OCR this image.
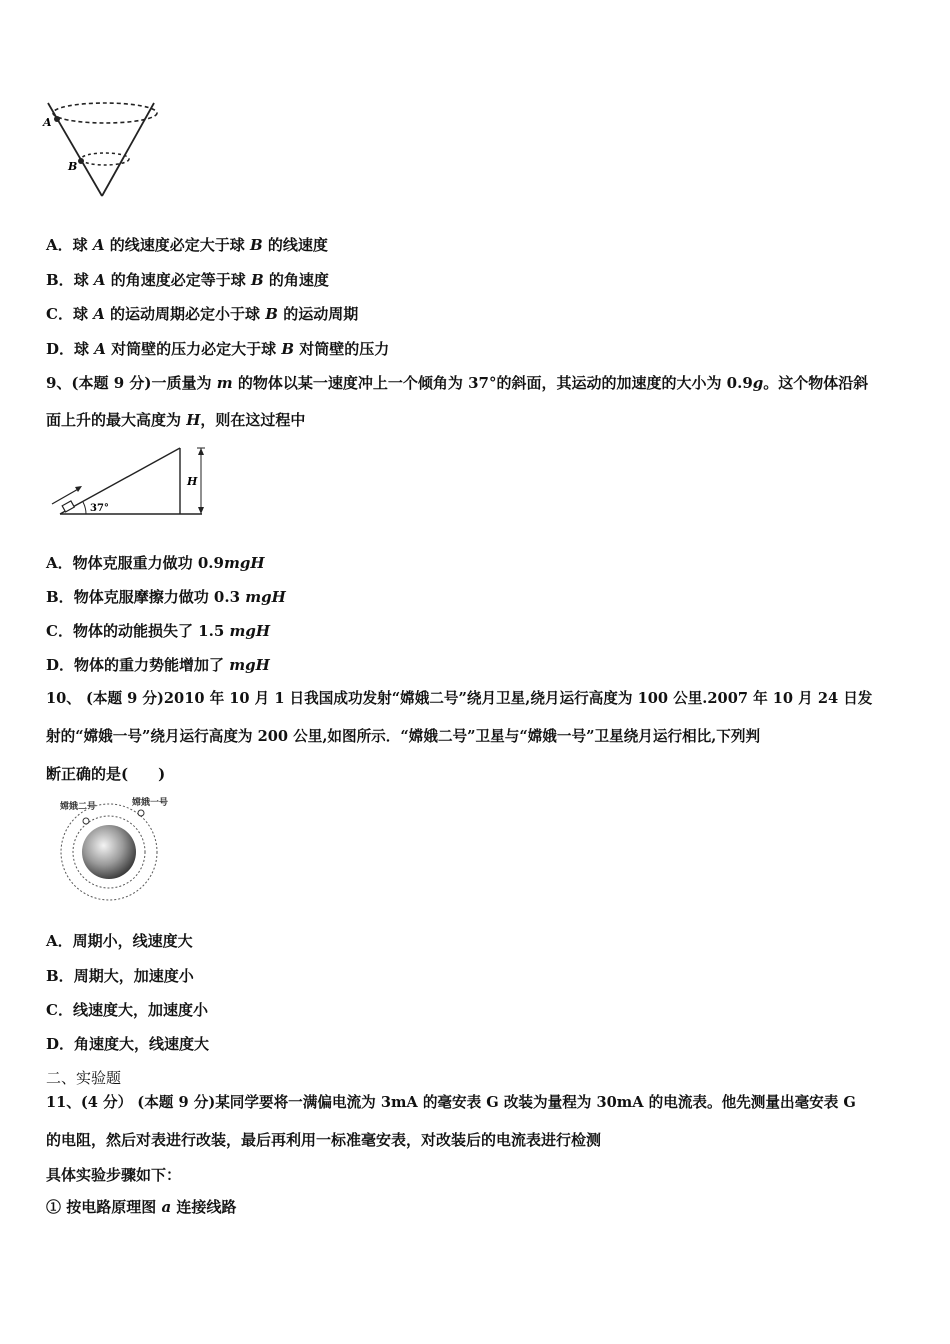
A
B
A．球 A 的线速度必定大于球 B 的线速度
B．球 A 的角速度必定等于球 B 的角速度
C．球 A 的运动周期必定小于球 B 的运动周期
D．球 A 对筒壁的压力必定大于球 B 对筒壁的压力
9、(本题 9 分)一质量为 m 的物体以某一速度冲上一个倾角为 37°的斜面，其运动的加速度的大小为 0.9g。这个物体沿斜
面上升的最大高度为 H，则在这过程中
37°
H
A．物体克服重力做功 0.9mgH
B．物体克服摩擦力做功 0.3 mgH
C．物体的动能损失了 1.5 mgH
D．物体的重力势能增加了 mgH
10、 (本题 9 分)2010 年 10 月 1 日我国成功发射“嫦娥二号”绕月卫星,绕月运行高度为 100 公里.2007 年 10 月 24 日发
射的“嫦娥一号”绕月运行高度为 200 公里,如图所示．“嫦娥二号”卫星与“嫦娥一号”卫星绕月运行相比,下列判
断正确的是(　　)
嫦娥二号	嫦娥一号
A．周期小，线速度大
B．周期大，加速度小
C．线速度大，加速度小
D．角速度大，线速度大
二、实验题
11、(4 分） (本题 9 分)某同学要将一满偏电流为 3mA 的毫安表 G 改装为量程为 30mA 的电流表。他先测量出毫安表 G
的电阻，然后对表进行改装，最后再利用一标准毫安表，对改装后的电流表进行检测
具体实验步骤如下：
① 按电路原理图 a 连接线路
